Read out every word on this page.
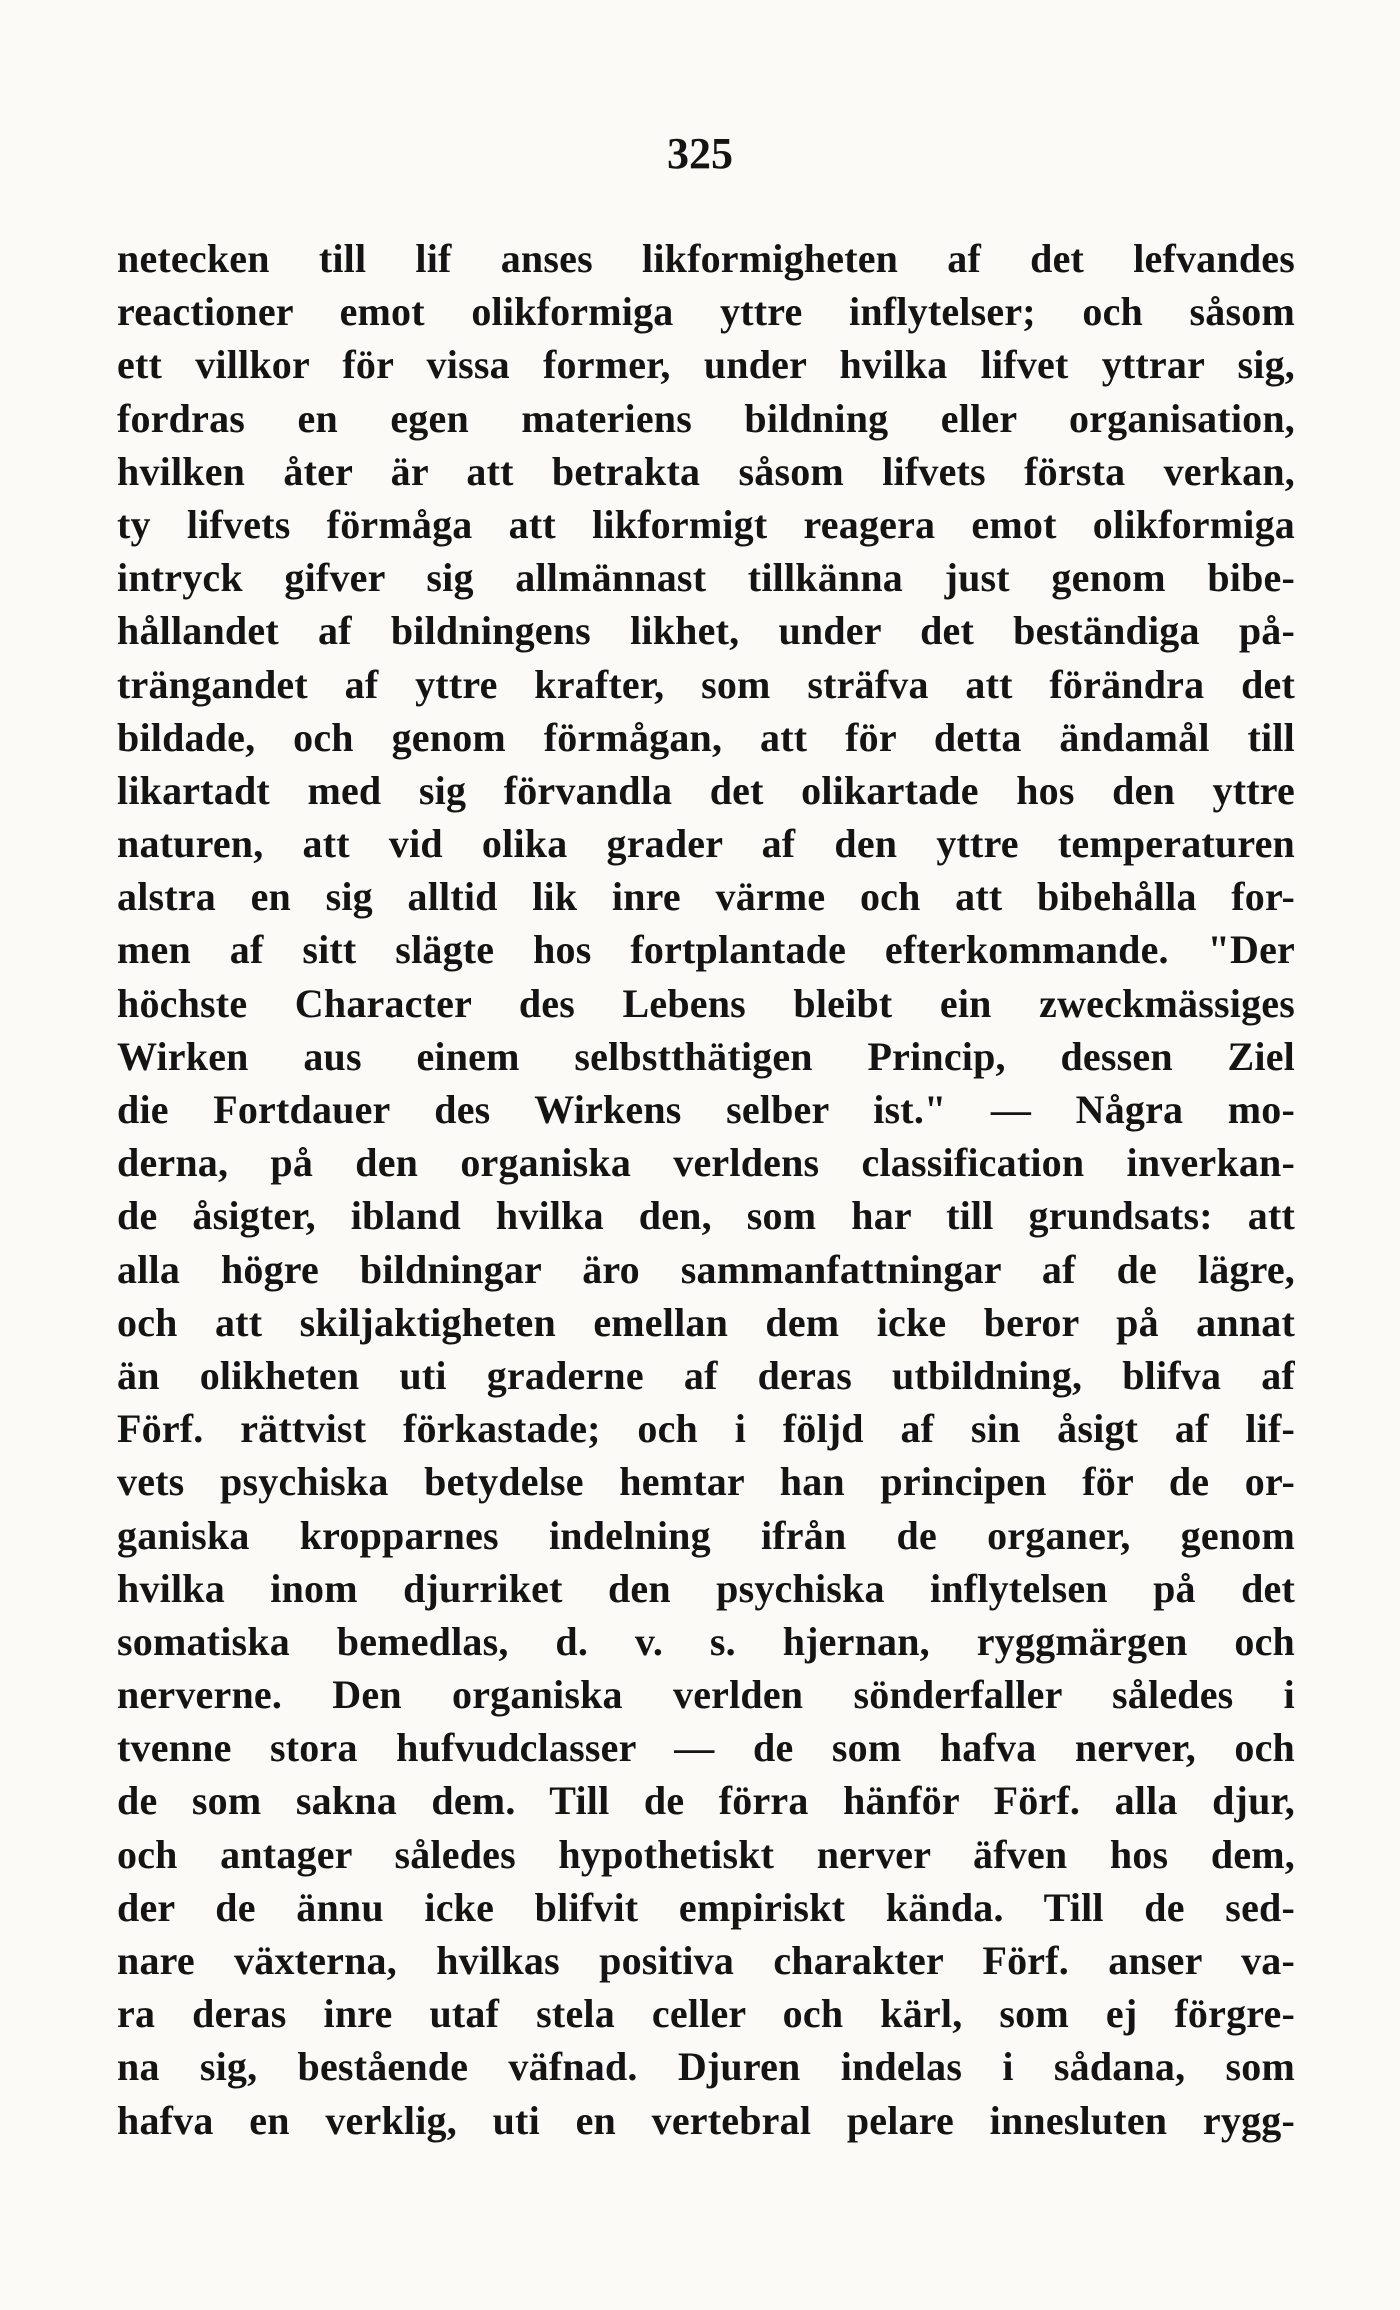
325
netecken till lif anses likformigheten af det lefvandes
reactioner emot olikformiga yttre inflytelser; och såsom
ett villkor för vissa former, under hvilka lifvet yttrar sig,
fordras en egen materiens bildning eller organisation,
hvilken åter är att betrakta såsom lifvets första verkan,
ty lifvets förmåga att likformigt reagera emot olikformiga
intryck gifver sig allmännast tillkänna just genom bibe-
hållandet af bildningens likhet, under det beständiga på-
trängandet af yttre krafter, som sträfva att förändra det
bildade, och genom förmågan, att för detta ändamål till
likartadt med sig förvandla det olikartade hos den yttre
naturen, att vid olika grader af den yttre temperaturen
alstra en sig alltid lik inre värme och att bibehålla for-
men af sitt slägte hos fortplantade efterkommande. "Der
höchste Character des Lebens bleibt ein zweckmässiges
Wirken aus einem selbstthätigen Princip, dessen Ziel
die Fortdauer des Wirkens selber ist." — Några mo-
derna, på den organiska verldens classification inverkan-
de åsigter, ibland hvilka den, som har till grundsats: att
alla högre bildningar äro sammanfattningar af de lägre,
och att skiljaktigheten emellan dem icke beror på annat
än olikheten uti graderne af deras utbildning, blifva af
Förf. rättvist förkastade; och i följd af sin åsigt af lif-
vets psychiska betydelse hemtar han principen för de or-
ganiska kropparnes indelning ifrån de organer, genom
hvilka inom djurriket den psychiska inflytelsen på det
somatiska bemedlas, d. v. s. hjernan, ryggmärgen och
nerverne. Den organiska verlden sönderfaller således i
tvenne stora hufvudclasser — de som hafva nerver, och
de som sakna dem. Till de förra hänför Förf. alla djur,
och antager således hypothetiskt nerver äfven hos dem,
der de ännu icke blifvit empiriskt kända. Till de sed-
nare växterna, hvilkas positiva charakter Förf. anser va-
ra deras inre utaf stela celler och kärl, som ej förgre-
na sig, bestående väfnad. Djuren indelas i sådana, som
hafva en verklig, uti en vertebral pelare innesluten rygg-
